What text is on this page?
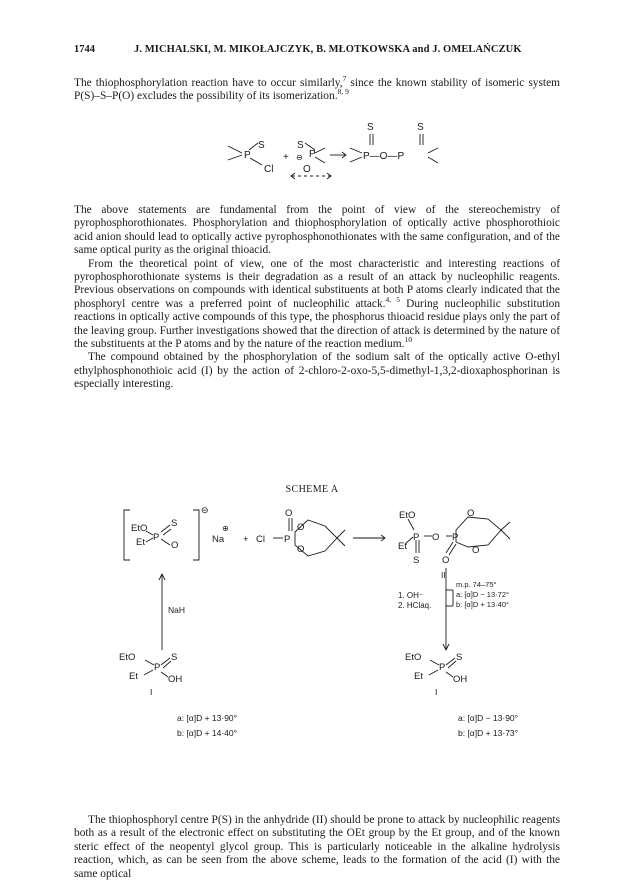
1744	J. MICHALSKI, M. MIKOŁAJCZYK, B. MŁOTKOWSKA and J. OMELAŃCZUK

The thiophosphorylation reaction have to occur similarly,$^7$ since the known stability of isomeric system P(S)–S–P(O) excludes the possibility of its isomerization.$^{8, 9}$

P
S
Cl
+
S
⊖ P
O
S	S
P—O—P

The above statements are fundamental from the point of view of the stereochemistry of pyrophosphorothionates. Phosphorylation and thiophosphorylation of optically active phosphorothioic acid anion should lead to optically active pyrophosphonothionates with the same configuration, and of the same optical purity as the original thioacid.

From the theoretical point of view, one of the most characteristic and interesting reactions of pyrophosphorothionate systems is their degradation as a result of an attack by nucleophilic reagents. Previous observations on compounds with identical substituents at both P atoms clearly indicated that the phosphoryl centre was a preferred point of nucleophilic attack.$^{4, 5}$ During nucleophilic substitution reactions in optically active compounds of this type, the phosphorus thioacid residue plays only the part of the leaving group. Further investigations showed that the direction of attack is determined by the nature of the substituents at the P atoms and by the nature of the reaction medium.$^{10}$

The compound obtained by the phosphorylation of the sodium salt of the optically active O-ethyl ethylphosphonothioic acid (I) by the action of 2-chloro-2-oxo-5,5-dimethyl-1,3,2-dioxaphosphorinan is especially interesting.

SCHEME A
EtO
Et P
S
O
⊖
Na
⊕
+ Cl P
O
O
O
EtO
Et
P O P
S O
O
O
II
NaH
1. OH⁻
2. HClaq.
m.p. 74–75°
a: [α]D − 13·72°
b: [α]D + 13·40°
EtO
Et
P
S
OH
I
a: [α]D + 13·90°
b: [α]D + 14·40°
EtO
Et
P
S
OH
I
a: [α]D − 13·90°
b: [α]D + 13·73°

The thiophosphoryl centre P(S) in the anhydride (II) should be prone to attack by nucleophilic reagents both as a result of the electronic effect on substituting the OEt group by the Et group, and of the known steric effect of the neopentyl glycol group. This is particularly noticeable in the alkaline hydrolysis reaction, which, as can be seen from the above scheme, leads to the formation of the acid (I) with the same optical
